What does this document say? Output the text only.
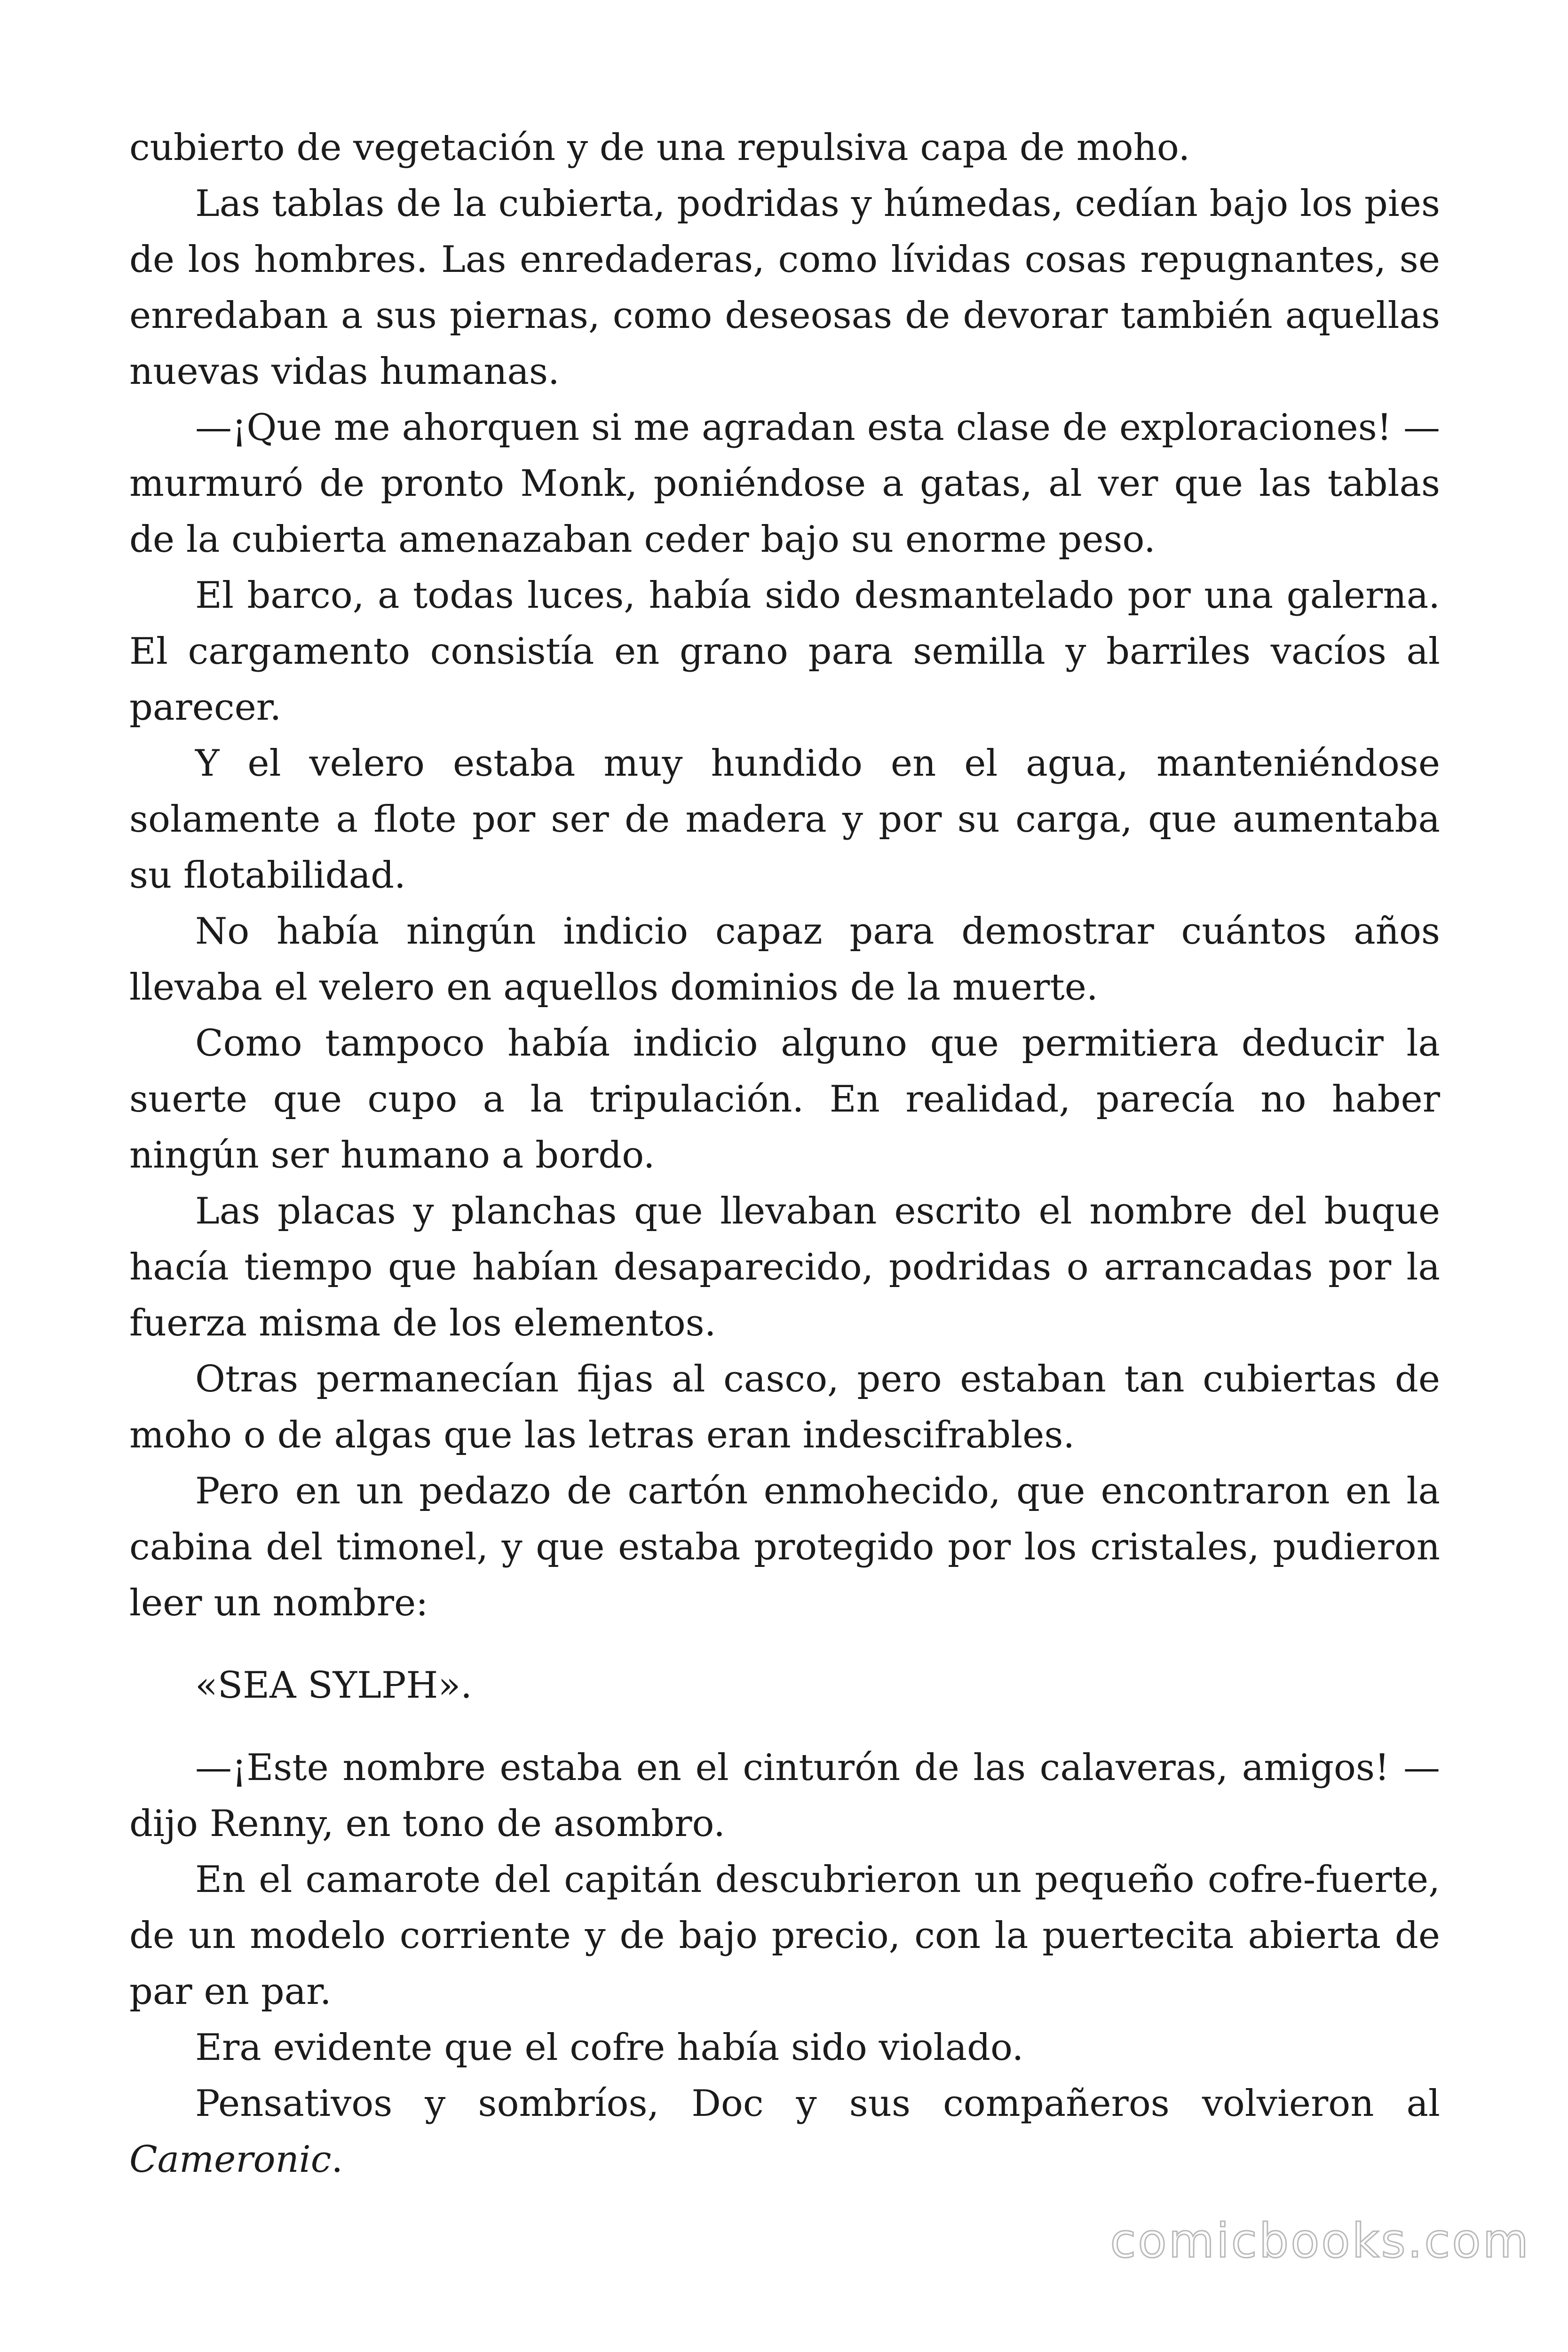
cubierto de vegetación y de una repulsiva capa de moho.

Las tablas de la cubierta, podridas y húmedas, cedían bajo los pies de los hombres. Las enredaderas, como lívidas cosas repugnantes, se enredaban a sus piernas, como deseosas de devorar también aquellas nuevas vidas humanas.

—¡Que me ahorquen si me agradan esta clase de exploraciones! —murmuró de pronto Monk, poniéndose a gatas, al ver que las tablas de la cubierta amenazaban ceder bajo su enorme peso.

El barco, a todas luces, había sido desmantelado por una galerna. El cargamento consistía en grano para semilla y barriles vacíos al parecer.

Y el velero estaba muy hundido en el agua, manteniéndose solamente a flote por ser de madera y por su carga, que aumentaba su flotabilidad.

No había ningún indicio capaz para demostrar cuántos años llevaba el velero en aquellos dominios de la muerte.

Como tampoco había indicio alguno que permitiera deducir la suerte que cupo a la tripulación. En realidad, parecía no haber ningún ser humano a bordo.

Las placas y planchas que llevaban escrito el nombre del buque hacía tiempo que habían desaparecido, podridas o arrancadas por la fuerza misma de los elementos.

Otras permanecían fijas al casco, pero estaban tan cubiertas de moho o de algas que las letras eran indescifrables.

Pero en un pedazo de cartón enmohecido, que encontraron en la cabina del timonel, y que estaba protegido por los cristales, pudieron leer un nombre:

«SEA SYLPH».

—¡Este nombre estaba en el cinturón de las calaveras, amigos! —dijo Renny, en tono de asombro.

En el camarote del capitán descubrieron un pequeño cofre-fuerte, de un modelo corriente y de bajo precio, con la puertecita abierta de par en par.

Era evidente que el cofre había sido violado.

Pensativos y sombríos, Doc y sus compañeros volvieron al Cameronic.

comicbooks.com
